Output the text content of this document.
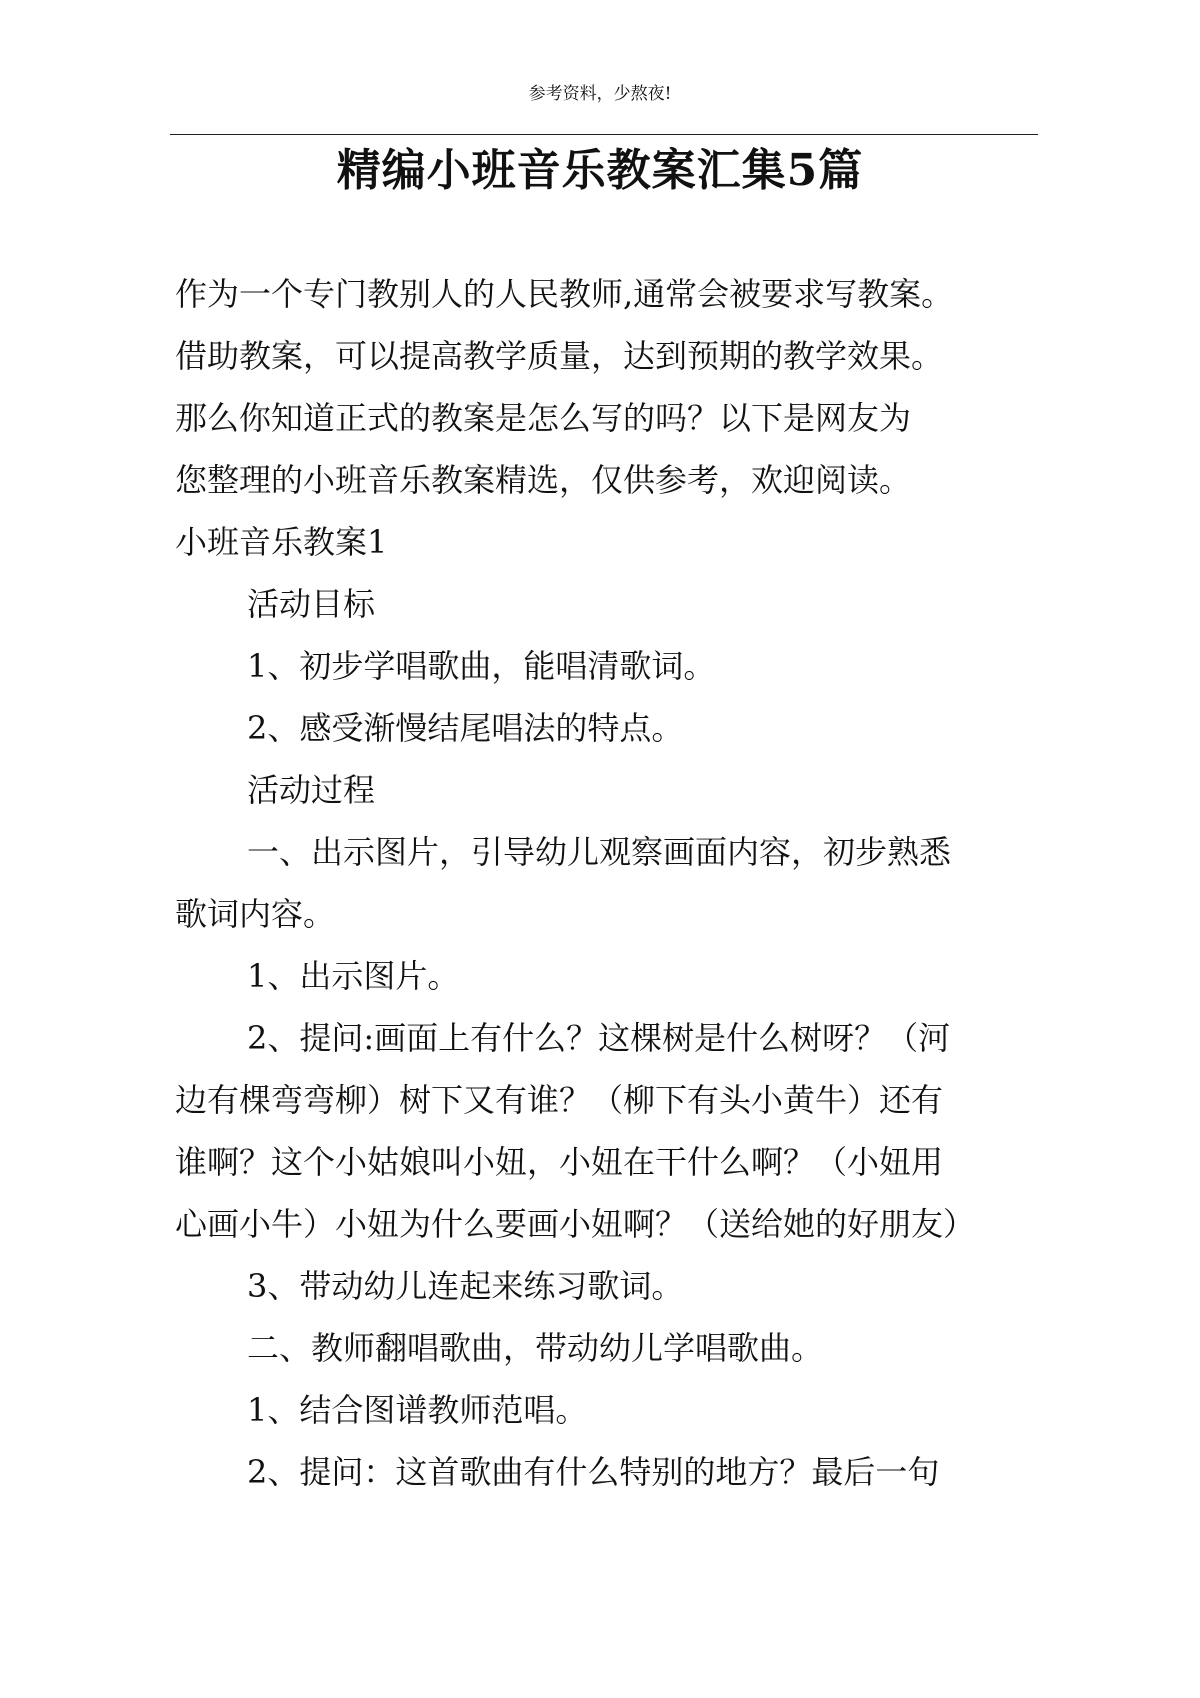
参考资料，少熬夜!
精编小班音乐教案汇集5篇

作为一个专门教别人的人民教师,通常会被要求写教案。

借助教案，可以提高教学质量，达到预期的教学效果。

那么你知道正式的教案是怎么写的吗？以下是网友为

您整理的小班音乐教案精选，仅供参考，欢迎阅读。

小班音乐教案1

活动目标

1、初步学唱歌曲，能唱清歌词。

2、感受渐慢结尾唱法的特点。

活动过程

一、出示图片，引导幼儿观察画面内容，初步熟悉

歌词内容。

1、出示图片。

2、提问:画面上有什么？这棵树是什么树呀？（河

边有棵弯弯柳）树下又有谁？（柳下有头小黄牛）还有

谁啊？这个小姑娘叫小妞，小妞在干什么啊？（小妞用

心画小牛）小妞为什么要画小妞啊？（送给她的好朋友）

3、带动幼儿连起来练习歌词。

二、教师翻唱歌曲，带动幼儿学唱歌曲。

1、结合图谱教师范唱。

2、提问：这首歌曲有什么特别的地方？最后一句
